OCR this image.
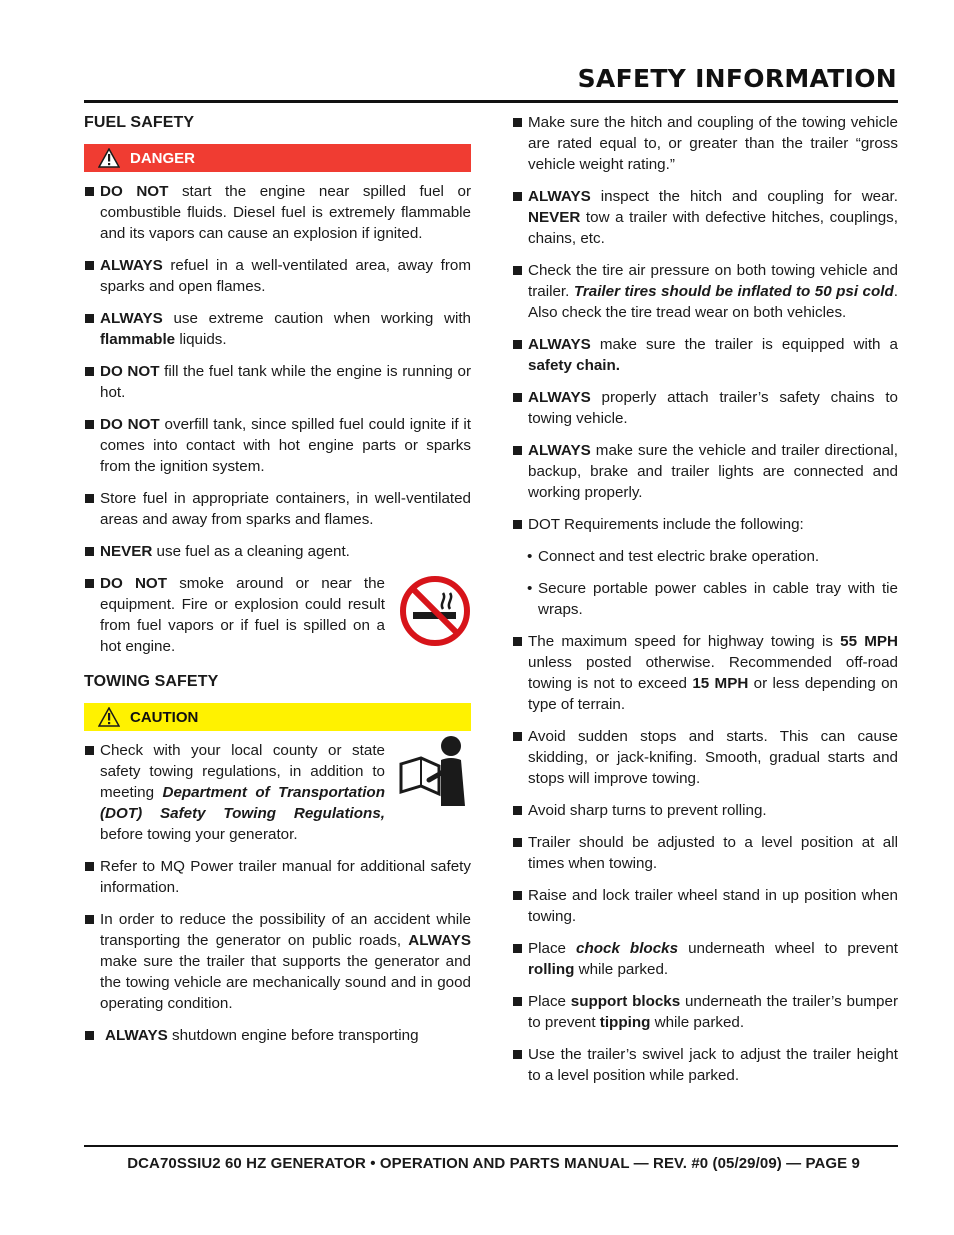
SAFETY INFORMATION
FUEL SAFETY
DANGER
DO NOT start the engine near spilled fuel or combustible fluids. Diesel fuel is extremely flammable and its vapors can cause an explosion if ignited.
ALWAYS refuel in a well-ventilated area, away from sparks and open flames.
ALWAYS use extreme caution when working with flammable liquids.
DO NOT fill the fuel tank while the engine is running or hot.
DO NOT overfill tank, since spilled fuel could ignite if it comes into contact with hot engine parts or sparks from the ignition system.
Store fuel in appropriate containers, in well-ventilated areas and away from sparks and flames.
NEVER use fuel as a cleaning agent.
DO NOT smoke around or near the equipment. Fire or explosion could result from fuel vapors or if fuel is spilled on a hot engine.
TOWING SAFETY
CAUTION
Check with your local county or state safety towing regulations, in addition to meeting Department of Transportation (DOT) Safety Towing Regulations, before towing your generator.
Refer to MQ Power trailer manual for additional safety information.
In order to reduce the possibility of an accident while transporting the generator on public roads, ALWAYS make sure the trailer that supports the generator and the towing vehicle are mechanically sound and in good operating condition.
ALWAYS shutdown engine before transporting
Make sure the hitch and coupling of the towing vehicle are rated equal to, or greater than the trailer “gross vehicle weight rating.”
ALWAYS inspect the hitch and coupling for wear. NEVER tow a trailer with defective hitches, couplings, chains, etc.
Check the tire air pressure on both towing vehicle and trailer. Trailer tires should be inflated to 50 psi cold. Also check the tire tread wear on both vehicles.
ALWAYS make sure the trailer is equipped with a safety chain.
ALWAYS properly attach trailer’s safety chains to towing vehicle.
ALWAYS make sure the vehicle and trailer directional, backup, brake and trailer lights are connected and working properly.
DOT Requirements include the following:
• Connect and test electric brake operation.
• Secure portable power cables in cable tray with tie wraps.
The maximum speed for highway towing is 55 MPH unless posted otherwise. Recommended off-road towing is not to exceed 15 MPH or less depending on type of terrain.
Avoid sudden stops and starts. This can cause skidding, or jack-knifing. Smooth, gradual starts and stops will improve towing.
Avoid sharp turns to prevent rolling.
Trailer should be adjusted to a level position at all times when towing.
Raise and lock trailer wheel stand in up position when towing.
Place chock blocks underneath wheel to prevent rolling while parked.
Place support blocks underneath the trailer’s bumper to prevent tipping while parked.
Use the trailer’s swivel jack to adjust the trailer height to a level position while parked.
DCA70SSIU2 60 HZ GENERATOR • OPERATION AND PARTS MANUAL — REV. #0 (05/29/09) — PAGE 9
